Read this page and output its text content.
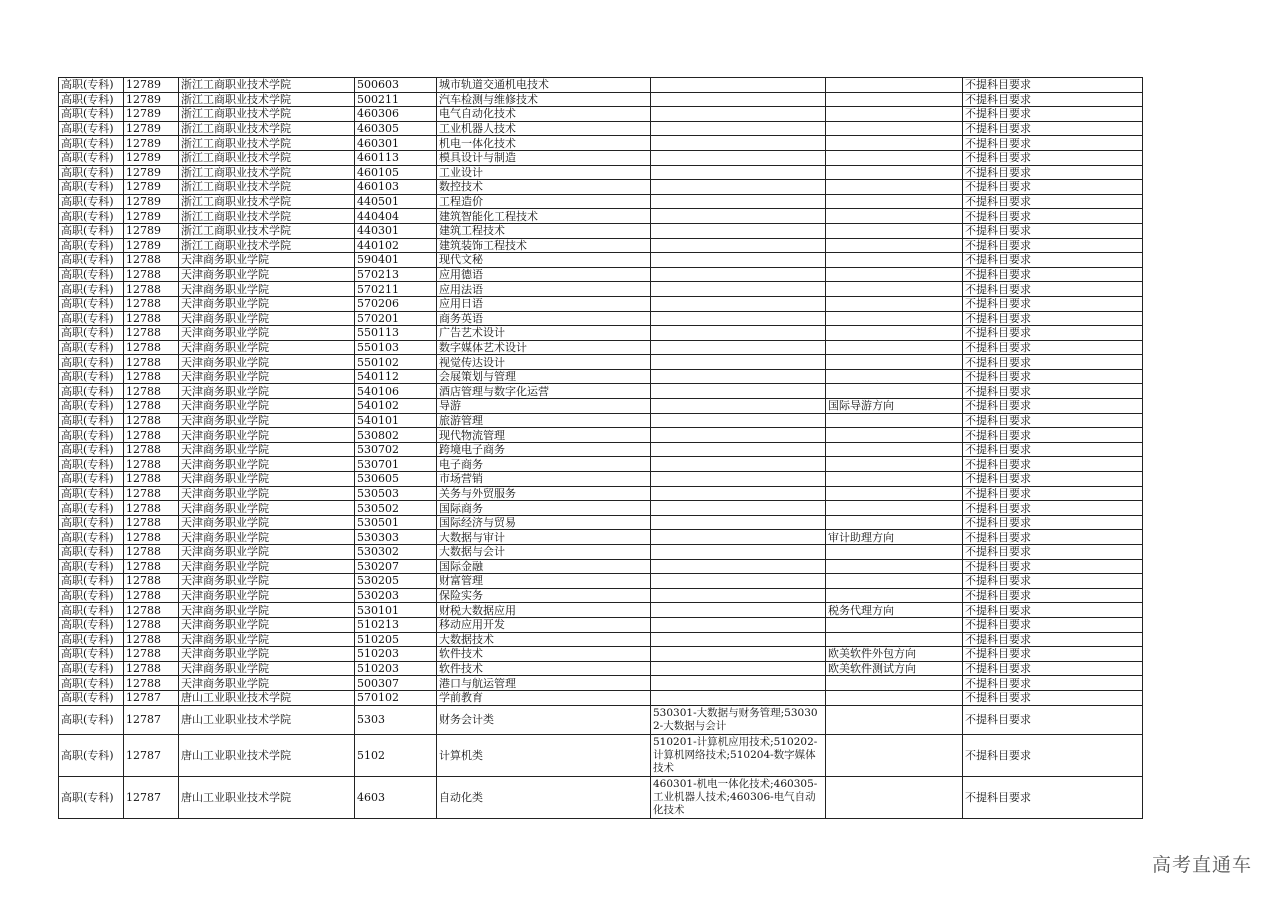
高职(专科)	12789	浙江工商职业技术学院	500603	城市轨道交通机电技术			不提科目要求
高职(专科)	12789	浙江工商职业技术学院	500211	汽车检测与维修技术			不提科目要求
高职(专科)	12789	浙江工商职业技术学院	460306	电气自动化技术			不提科目要求
高职(专科)	12789	浙江工商职业技术学院	460305	工业机器人技术			不提科目要求
高职(专科)	12789	浙江工商职业技术学院	460301	机电一体化技术			不提科目要求
高职(专科)	12789	浙江工商职业技术学院	460113	模具设计与制造			不提科目要求
高职(专科)	12789	浙江工商职业技术学院	460105	工业设计			不提科目要求
高职(专科)	12789	浙江工商职业技术学院	460103	数控技术			不提科目要求
高职(专科)	12789	浙江工商职业技术学院	440501	工程造价			不提科目要求
高职(专科)	12789	浙江工商职业技术学院	440404	建筑智能化工程技术			不提科目要求
高职(专科)	12789	浙江工商职业技术学院	440301	建筑工程技术			不提科目要求
高职(专科)	12789	浙江工商职业技术学院	440102	建筑装饰工程技术			不提科目要求
高职(专科)	12788	天津商务职业学院	590401	现代文秘			不提科目要求
高职(专科)	12788	天津商务职业学院	570213	应用德语			不提科目要求
高职(专科)	12788	天津商务职业学院	570211	应用法语			不提科目要求
高职(专科)	12788	天津商务职业学院	570206	应用日语			不提科目要求
高职(专科)	12788	天津商务职业学院	570201	商务英语			不提科目要求
高职(专科)	12788	天津商务职业学院	550113	广告艺术设计			不提科目要求
高职(专科)	12788	天津商务职业学院	550103	数字媒体艺术设计			不提科目要求
高职(专科)	12788	天津商务职业学院	550102	视觉传达设计			不提科目要求
高职(专科)	12788	天津商务职业学院	540112	会展策划与管理			不提科目要求
高职(专科)	12788	天津商务职业学院	540106	酒店管理与数字化运营			不提科目要求
高职(专科)	12788	天津商务职业学院	540102	导游		国际导游方向	不提科目要求
高职(专科)	12788	天津商务职业学院	540101	旅游管理			不提科目要求
高职(专科)	12788	天津商务职业学院	530802	现代物流管理			不提科目要求
高职(专科)	12788	天津商务职业学院	530702	跨境电子商务			不提科目要求
高职(专科)	12788	天津商务职业学院	530701	电子商务			不提科目要求
高职(专科)	12788	天津商务职业学院	530605	市场营销			不提科目要求
高职(专科)	12788	天津商务职业学院	530503	关务与外贸服务			不提科目要求
高职(专科)	12788	天津商务职业学院	530502	国际商务			不提科目要求
高职(专科)	12788	天津商务职业学院	530501	国际经济与贸易			不提科目要求
高职(专科)	12788	天津商务职业学院	530303	大数据与审计		审计助理方向	不提科目要求
高职(专科)	12788	天津商务职业学院	530302	大数据与会计			不提科目要求
高职(专科)	12788	天津商务职业学院	530207	国际金融			不提科目要求
高职(专科)	12788	天津商务职业学院	530205	财富管理			不提科目要求
高职(专科)	12788	天津商务职业学院	530203	保险实务			不提科目要求
高职(专科)	12788	天津商务职业学院	530101	财税大数据应用		税务代理方向	不提科目要求
高职(专科)	12788	天津商务职业学院	510213	移动应用开发			不提科目要求
高职(专科)	12788	天津商务职业学院	510205	大数据技术			不提科目要求
高职(专科)	12788	天津商务职业学院	510203	软件技术		欧美软件外包方向	不提科目要求
高职(专科)	12788	天津商务职业学院	510203	软件技术		欧美软件测试方向	不提科目要求
高职(专科)	12788	天津商务职业学院	500307	港口与航运管理			不提科目要求
高职(专科)	12787	唐山工业职业技术学院	570102	学前教育			不提科目要求
高职(专科)	12787	唐山工业职业技术学院	5303	财务会计类	530301-大数据与财务管理;530302-大数据与会计		不提科目要求
高职(专科)	12787	唐山工业职业技术学院	5102	计算机类	510201-计算机应用技术;510202-计算机网络技术;510204-数字媒体技术		不提科目要求
高职(专科)	12787	唐山工业职业技术学院	4603	自动化类	460301-机电一体化技术;460305-工业机器人技术;460306-电气自动化技术		不提科目要求
高考直通车
